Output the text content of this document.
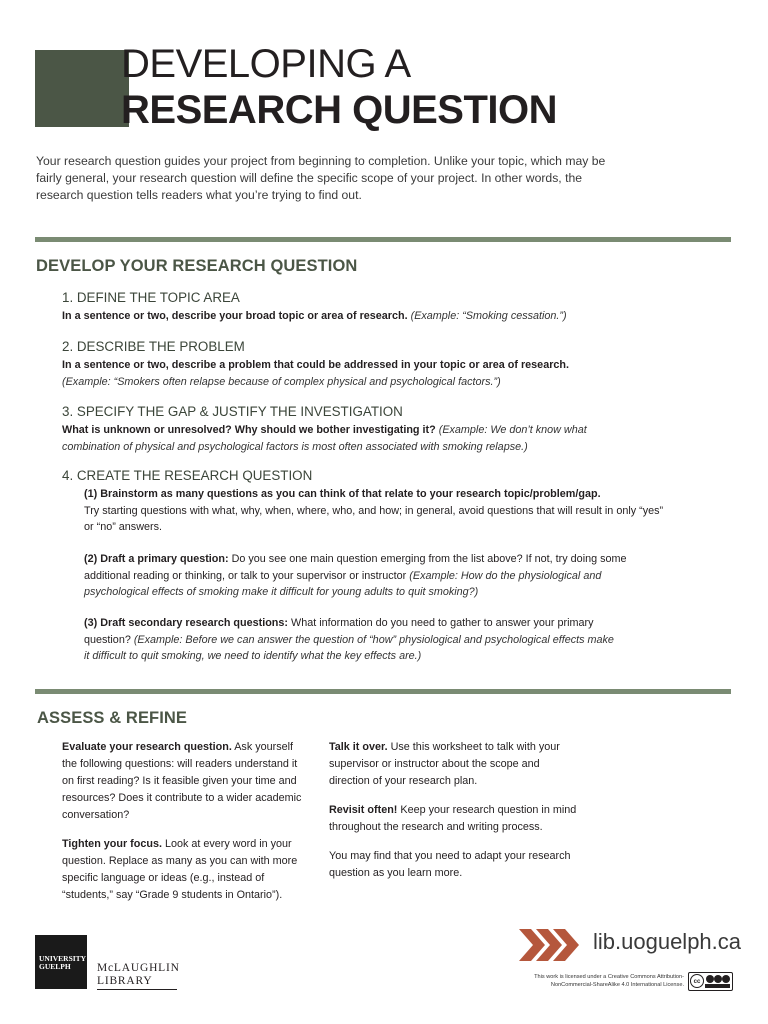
DEVELOPING A
RESEARCH QUESTION
Your research question guides your project from beginning to completion. Unlike your topic, which may be fairly general, your research question will define the specific scope of your project. In other words, the research question tells readers what you’re trying to find out.
DEVELOP YOUR RESEARCH QUESTION
1. DEFINE THE TOPIC AREA
In a sentence or two, describe your broad topic or area of research. (Example: “Smoking cessation.”)
2. DESCRIBE THE PROBLEM
In a sentence or two, describe a problem that could be addressed in your topic or area of research.
(Example: “Smokers often relapse because of complex physical and psychological factors.”)
3. SPECIFY THE GAP & JUSTIFY THE INVESTIGATION
What is unknown or unresolved? Why should we bother investigating it? (Example: We don’t know what combination of physical and psychological factors is most often associated with smoking relapse.)
4. CREATE THE RESEARCH QUESTION
(1) Brainstorm as many questions as you can think of that relate to your research topic/problem/gap.
Try starting questions with what, why, when, where, who, and how; in general, avoid questions that will result in only “yes” or “no” answers.
(2) Draft a primary question: Do you see one main question emerging from the list above? If not, try doing some additional reading or thinking, or talk to your supervisor or instructor (Example: How do the physiological and psychological effects of smoking make it difficult for young adults to quit smoking?)
(3) Draft secondary research questions: What information do you need to gather to answer your primary question? (Example: Before we can answer the question of “how” physiological and psychological effects make it difficult to quit smoking, we need to identify what the key effects are.)
ASSESS & REFINE

Evaluate your research question. Ask yourself the following questions: will readers understand it on first reading? Is it feasible given your time and resources? Does it contribute to a wider academic conversation?

Tighten your focus. Look at every word in your question. Replace as many as you can with more specific language or ideas (e.g., instead of “students,” say “Grade 9 students in Ontario”).

Talk it over. Use this worksheet to talk with your supervisor or instructor about the scope and direction of your research plan.

Revisit often! Keep your research question in mind throughout the research and writing process.

You may find that you need to adapt your research question as you learn more.

UNIVERSITY
GUELPH McLAUGHLIN
LIBRARY
lib.uoguelph.ca
This work is licensed under a Creative Commons Attribution-
NonCommercial-ShareAlike 4.0 International License.	cc
